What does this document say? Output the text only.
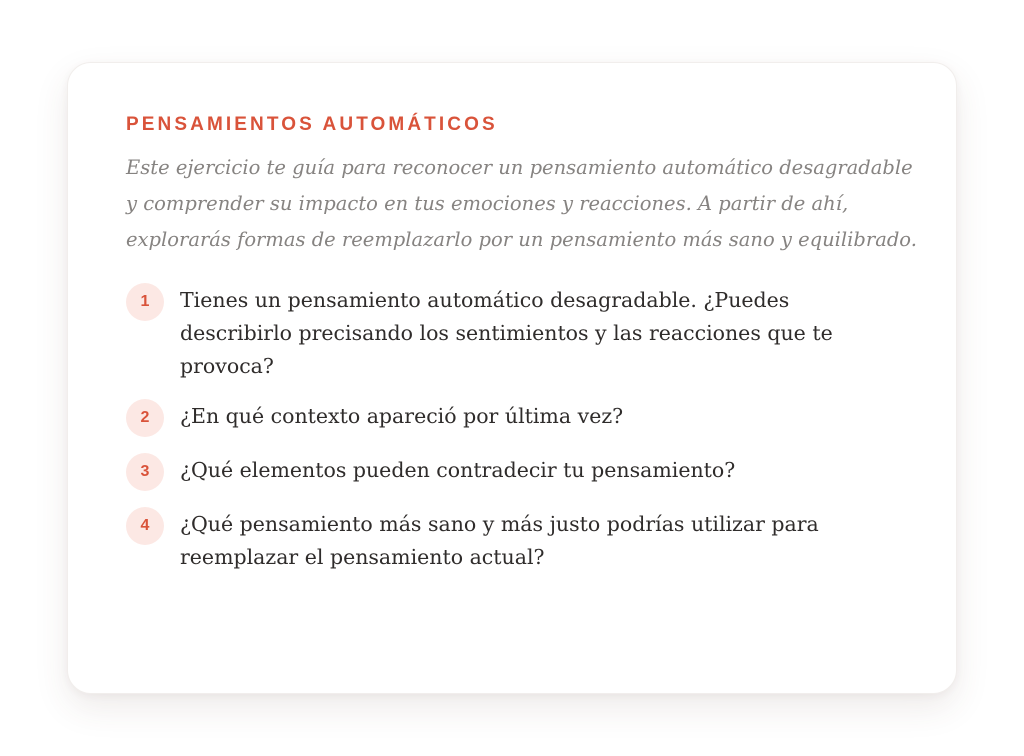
PENSAMIENTOS AUTOMÁTICOS

Este ejercicio te guía para reconocer un pensamiento automático desagradable y comprender su impacto en tus emociones y reacciones. A partir de ahí, explorarás formas de reemplazarlo por un pensamiento más sano y equilibrado.

1	Tienes un pensamiento automático desagradable. ¿Puedes describirlo precisando los sentimientos y las reacciones que te provoca?
2	¿En qué contexto apareció por última vez?
3	¿Qué elementos pueden contradecir tu pensamiento?
4	¿Qué pensamiento más sano y más justo podrías utilizar para reemplazar el pensamiento actual?
